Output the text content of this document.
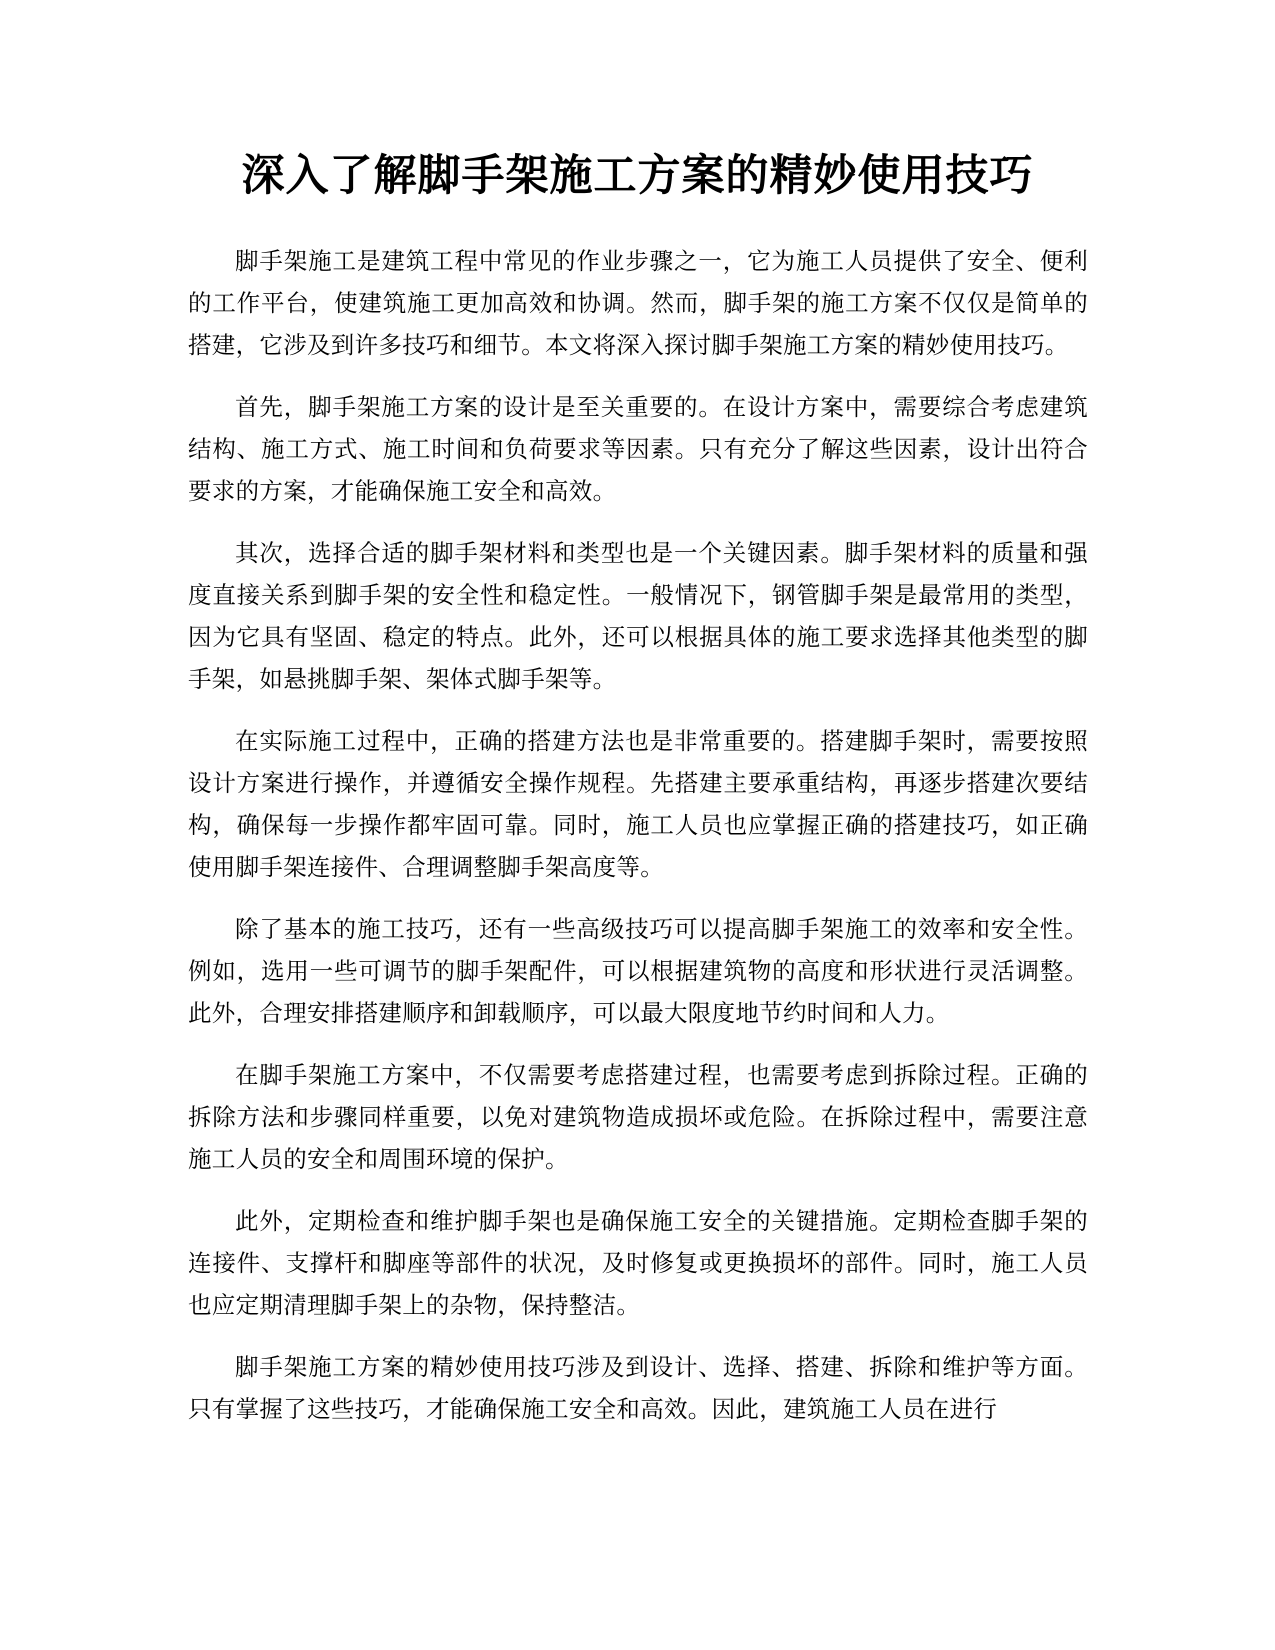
深入了解脚手架施工方案的精妙使用技巧

脚手架施工是建筑工程中常见的作业步骤之一，它为施工人员提供了安全、便利的工作平台，使建筑施工更加高效和协调。然而，脚手架的施工方案不仅仅是简单的搭建，它涉及到许多技巧和细节。本文将深入探讨脚手架施工方案的精妙使用技巧。

首先，脚手架施工方案的设计是至关重要的。在设计方案中，需要综合考虑建筑结构、施工方式、施工时间和负荷要求等因素。只有充分了解这些因素，设计出符合要求的方案，才能确保施工安全和高效。

其次，选择合适的脚手架材料和类型也是一个关键因素。脚手架材料的质量和强度直接关系到脚手架的安全性和稳定性。一般情况下，钢管脚手架是最常用的类型，因为它具有坚固、稳定的特点。此外，还可以根据具体的施工要求选择其他类型的脚手架，如悬挑脚手架、架体式脚手架等。

在实际施工过程中，正确的搭建方法也是非常重要的。搭建脚手架时，需要按照设计方案进行操作，并遵循安全操作规程。先搭建主要承重结构，再逐步搭建次要结构，确保每一步操作都牢固可靠。同时，施工人员也应掌握正确的搭建技巧，如正确使用脚手架连接件、合理调整脚手架高度等。

除了基本的施工技巧，还有一些高级技巧可以提高脚手架施工的效率和安全性。例如，选用一些可调节的脚手架配件，可以根据建筑物的高度和形状进行灵活调整。此外，合理安排搭建顺序和卸载顺序，可以最大限度地节约时间和人力。

在脚手架施工方案中，不仅需要考虑搭建过程，也需要考虑到拆除过程。正确的拆除方法和步骤同样重要，以免对建筑物造成损坏或危险。在拆除过程中，需要注意施工人员的安全和周围环境的保护。

此外，定期检查和维护脚手架也是确保施工安全的关键措施。定期检查脚手架的连接件、支撑杆和脚座等部件的状况，及时修复或更换损坏的部件。同时，施工人员也应定期清理脚手架上的杂物，保持整洁。

脚手架施工方案的精妙使用技巧涉及到设计、选择、搭建、拆除和维护等方面。只有掌握了这些技巧，才能确保施工安全和高效。因此，建筑施工人员在进行
